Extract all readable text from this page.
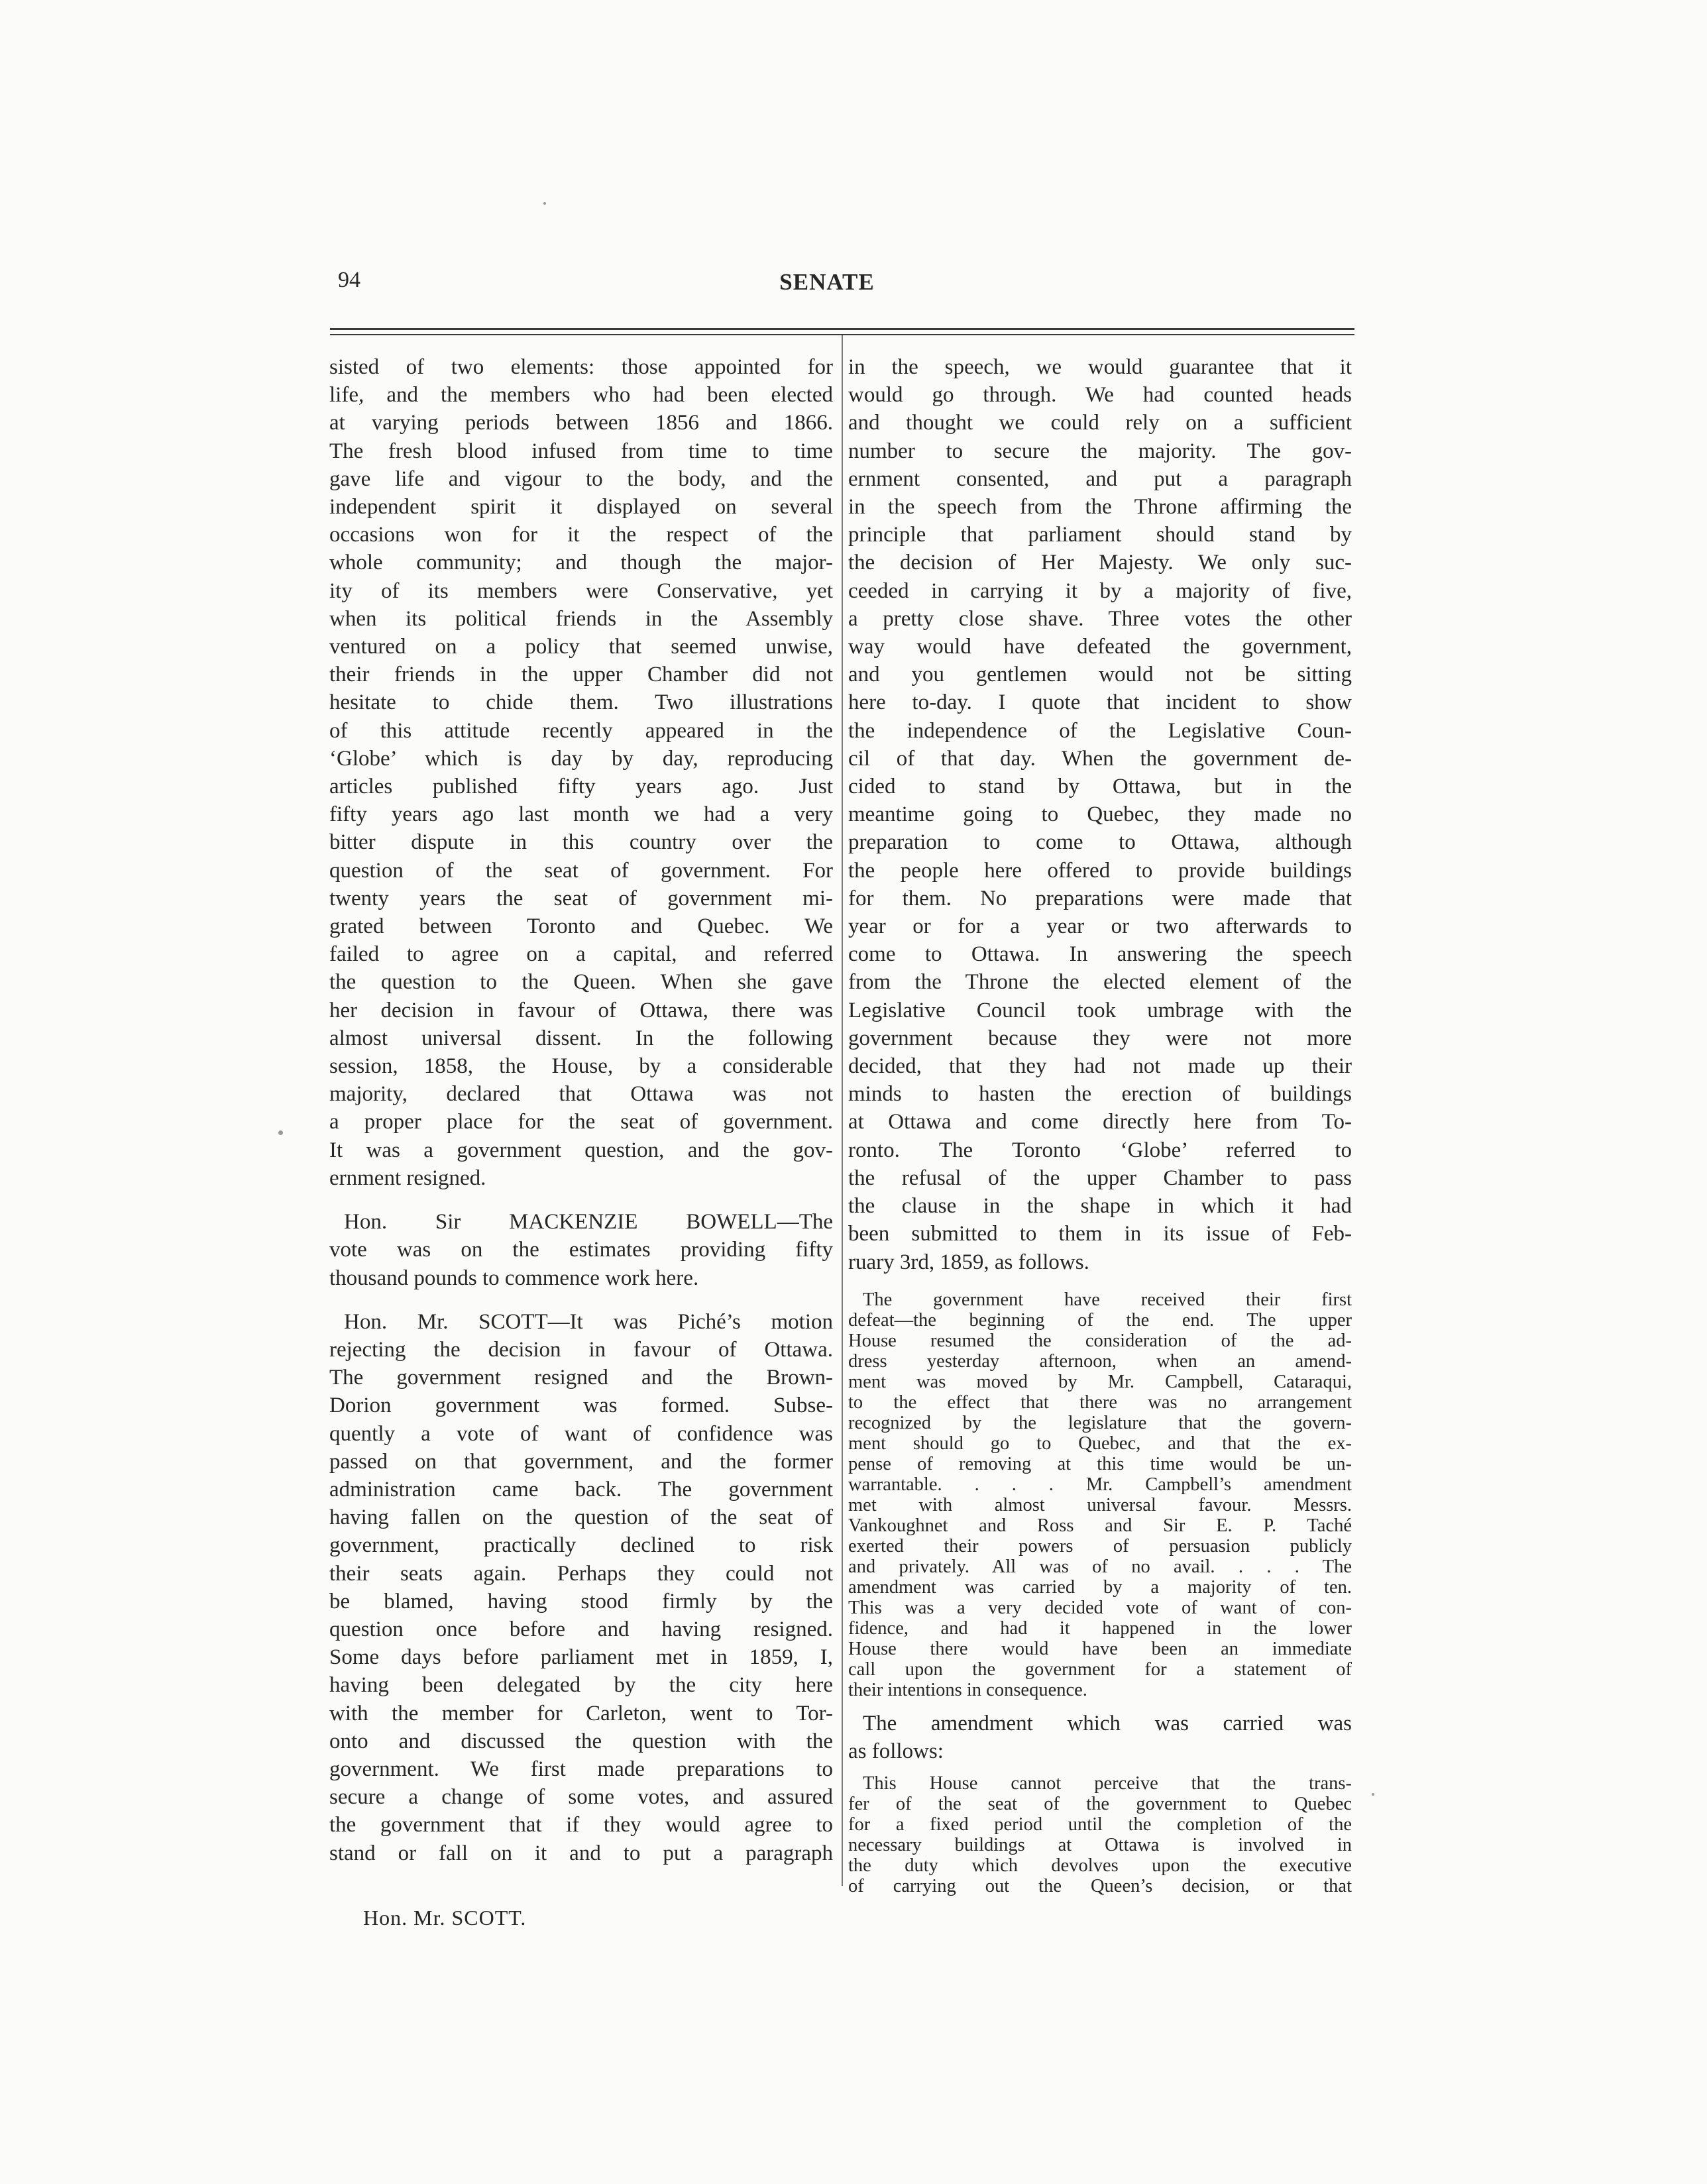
94	SENATE
sisted of two elements: those appointed for
life, and the members who had been elected
at varying periods between 1856 and 1866.
The fresh blood infused from time to time
gave life and vigour to the body, and the
independent spirit it displayed on several
occasions won for it the respect of the
whole community; and though the major-
ity of its members were Conservative, yet
when its political friends in the Assembly
ventured on a policy that seemed unwise,
their friends in the upper Chamber did not
hesitate to chide them. Two illustrations
of this attitude recently appeared in the
‘Globe’ which is day by day, reproducing
articles published fifty years ago. Just
fifty years ago last month we had a very
bitter dispute in this country over the
question of the seat of government. For
twenty years the seat of government mi-
grated between Toronto and Quebec. We
failed to agree on a capital, and referred
the question to the Queen. When she gave
her decision in favour of Ottawa, there was
almost universal dissent. In the following
session, 1858, the House, by a considerable
majority, declared that Ottawa was not
a proper place for the seat of government.
It was a government question, and the gov-
ernment resigned.
Hon. Sir MACKENZIE BOWELL—The
vote was on the estimates providing fifty
thousand pounds to commence work here.
Hon. Mr. SCOTT—It was Piché’s motion
rejecting the decision in favour of Ottawa.
The government resigned and the Brown-
Dorion government was formed. Subse-
quently a vote of want of confidence was
passed on that government, and the former
administration came back. The government
having fallen on the question of the seat of
government, practically declined to risk
their seats again. Perhaps they could not
be blamed, having stood firmly by the
question once before and having resigned.
Some days before parliament met in 1859, I,
having been delegated by the city here
with the member for Carleton, went to Tor-
onto and discussed the question with the
government. We first made preparations to
secure a change of some votes, and assured
the government that if they would agree to
stand or fall on it and to put a paragraph
in the speech, we would guarantee that it
would go through. We had counted heads
and thought we could rely on a sufficient
number to secure the majority. The gov-
ernment consented, and put a paragraph
in the speech from the Throne affirming the
principle that parliament should stand by
the decision of Her Majesty. We only suc-
ceeded in carrying it by a majority of five,
a pretty close shave. Three votes the other
way would have defeated the government,
and you gentlemen would not be sitting
here to-day. I quote that incident to show
the independence of the Legislative Coun-
cil of that day. When the government de-
cided to stand by Ottawa, but in the
meantime going to Quebec, they made no
preparation to come to Ottawa, although
the people here offered to provide buildings
for them. No preparations were made that
year or for a year or two afterwards to
come to Ottawa. In answering the speech
from the Throne the elected element of the
Legislative Council took umbrage with the
government because they were not more
decided, that they had not made up their
minds to hasten the erection of buildings
at Ottawa and come directly here from To-
ronto. The Toronto ‘Globe’ referred to
the refusal of the upper Chamber to pass
the clause in the shape in which it had
been submitted to them in its issue of Feb-
ruary 3rd, 1859, as follows.
The government have received their first
defeat—the beginning of the end. The upper
House resumed the consideration of the ad-
dress yesterday afternoon, when an amend-
ment was moved by Mr. Campbell, Cataraqui,
to the effect that there was no arrangement
recognized by the legislature that the govern-
ment should go to Quebec, and that the ex-
pense of removing at this time would be un-
warrantable. . . . Mr. Campbell’s amendment
met with almost universal favour. Messrs.
Vankoughnet and Ross and Sir E. P. Taché
exerted their powers of persuasion publicly
and privately. All was of no avail. . . . The
amendment was carried by a majority of ten.
This was a very decided vote of want of con-
fidence, and had it happened in the lower
House there would have been an immediate
call upon the government for a statement of
their intentions in consequence.
The amendment which was carried was
as follows:
This House cannot perceive that the trans-
fer of the seat of the government to Quebec
for a fixed period until the completion of the
necessary buildings at Ottawa is involved in
the duty which devolves upon the executive
of carrying out the Queen’s decision, or that
Hon. Mr. SCOTT.
